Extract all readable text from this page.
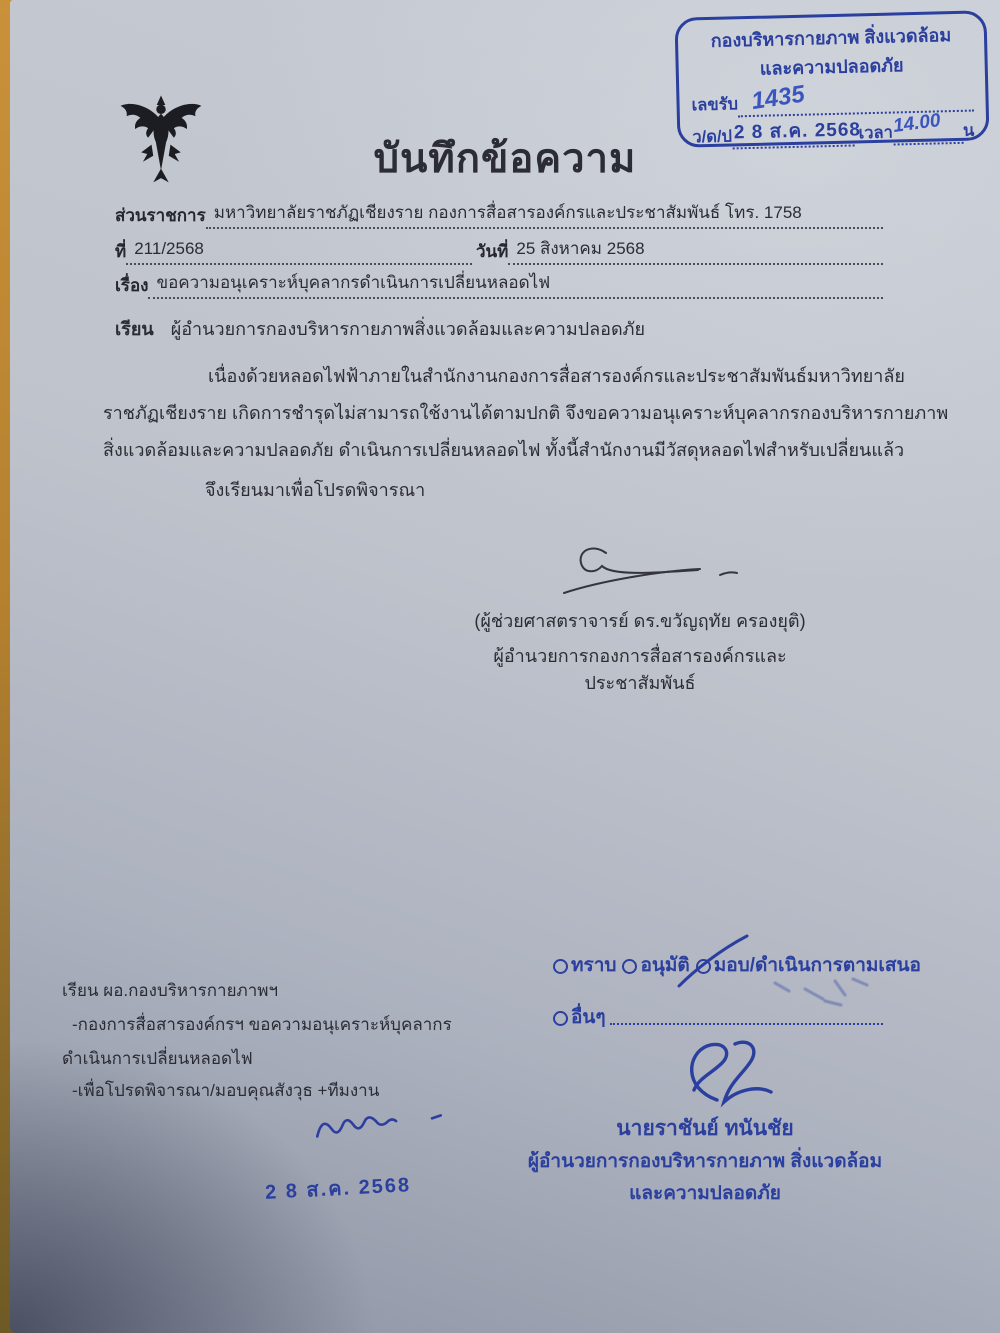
บันทึกข้อความ
กองบริหารกายภาพ สิ่งแวดล้อม
และความปลอดภัย
เลขรับ 1435
ว/ด/ป 2 8 ส.ค. 2568
เวลา
14.00 น
ส่วนราชการ มหาวิทยาลัยราชภัฏเชียงราย กองการสื่อสารองค์กรและประชาสัมพันธ์ โทร. 1758
ที่ 211/2568	วันที่ 25 สิงหาคม 2568
เรื่อง ขอความอนุเคราะห์บุคลากรดำเนินการเปลี่ยนหลอดไฟ
เรียน ผู้อำนวยการกองบริหารกายภาพสิ่งแวดล้อมและความปลอดภัย
เนื่องด้วยหลอดไฟฟ้าภายในสำนักงานกองการสื่อสารองค์กรและประชาสัมพันธ์มหาวิทยาลัย
ราชภัฏเชียงราย เกิดการชำรุดไม่สามารถใช้งานได้ตามปกติ จึงขอความอนุเคราะห์บุคลากรกองบริหารกายภาพ
สิ่งแวดล้อมและความปลอดภัย ดำเนินการเปลี่ยนหลอดไฟ ทั้งนี้สำนักงานมีวัสดุหลอดไฟสำหรับเปลี่ยนแล้ว
จึงเรียนมาเพื่อโปรดพิจารณา
(ผู้ช่วยศาสตราจารย์ ดร.ขวัญฤทัย ครองยุติ)
ผู้อำนวยการกองการสื่อสารองค์กรและประชาสัมพันธ์
เรียน ผอ.กองบริหารกายภาพฯ
-กองการสื่อสารองค์กรฯ ขอความอนุเคราะห์บุคลากร
ดำเนินการเปลี่ยนหลอดไฟ
-เพื่อโปรดพิจารณา/มอบคุณสังวุธ +ทีมงาน
2 8 ส.ค. 2568
ทราบ อนุมัติ มอบ/ดำเนินการตามเสนอ
อื่นๆ
นายราชันย์ ทนันชัย
ผู้อำนวยการกองบริหารกายภาพ สิ่งแวดล้อม
และความปลอดภัย
